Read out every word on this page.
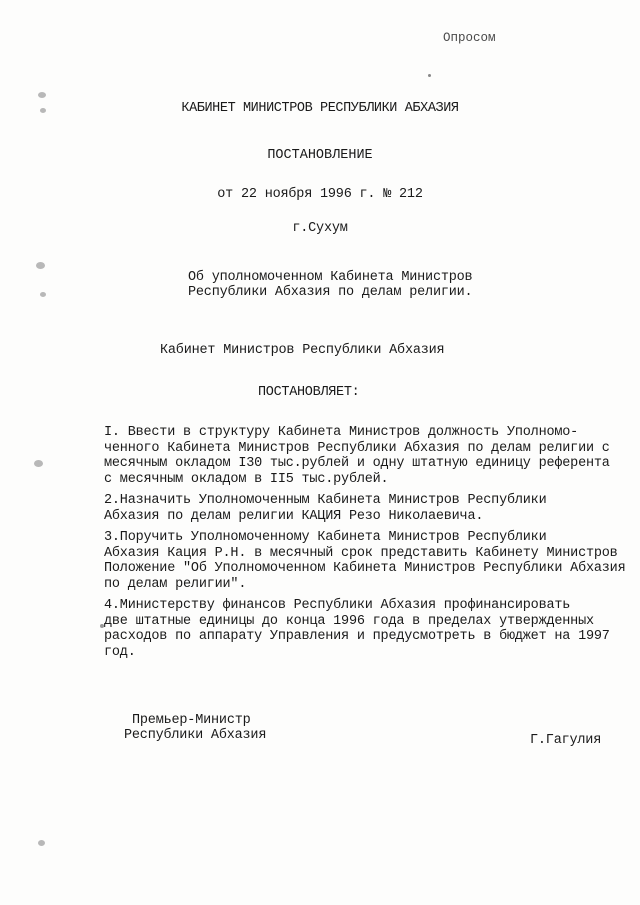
Опросом
КАБИНЕТ МИНИСТРОВ РЕСПУБЛИКИ АБХАЗИЯ
ПОСТАНОВЛЕНИЕ
от 22 ноября 1996 г. № 212
г.Сухум
Об уполномоченном Кабинета Министров
Республики Абхазия по делам религии.
Кабинет Министров Республики Абхазия
ПОСТАНОВЛЯЕТ:
I. Ввести в структуру Кабинета Министров должность Уполномо-
ченного Кабинета Министров Республики Абхазия по делам религии с
месячным окладом I30 тыс.рублей и одну штатную единицу референта
с месячным окладом в II5 тыс.рублей.
2.Назначить Уполномоченным Кабинета Министров Республики
Абхазия по делам религии КАЦИЯ Резо Николаевича.
3.Поручить Уполномоченному Кабинета Министров Республики
Абхазия Кация Р.Н. в месячный срок представить Кабинету Министров
Положение "Об Уполномоченном Кабинета Министров Республики Абхазия
по делам религии".
4.Министерству финансов Республики Абхазия профинансировать
две штатные единицы до конца 1996 года в пределах утвержденных
расходов по аппарату Управления и предусмотреть в бюджет на 1997
год.
Премьер-Министр
Республики Абхазия	Г.Гагулия
